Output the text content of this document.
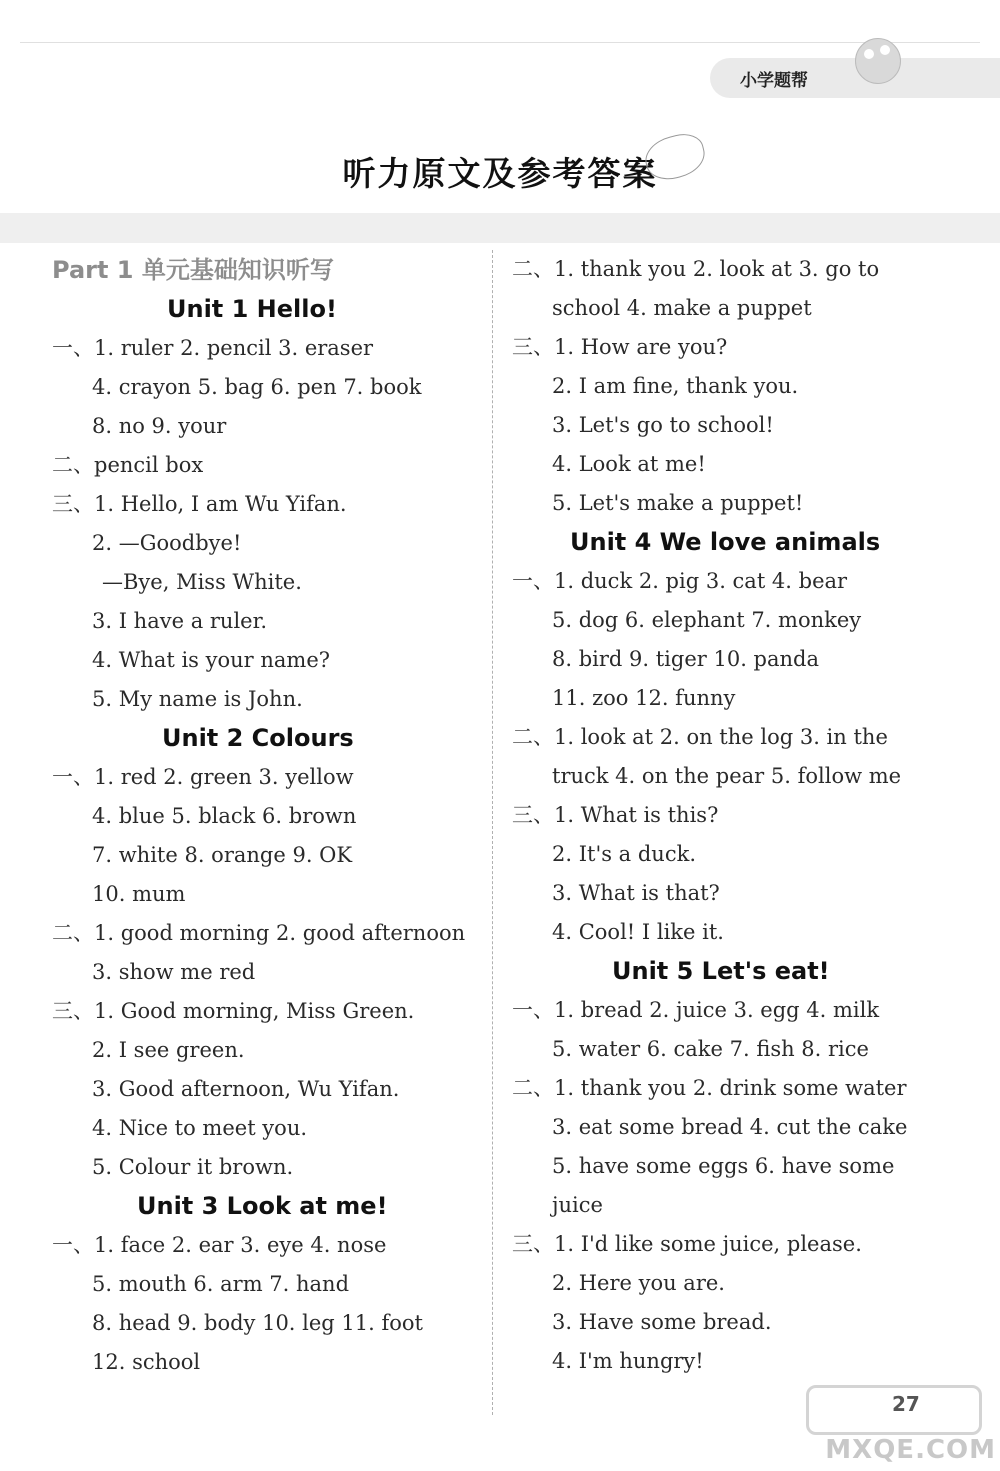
小学题帮
听力原文及参考答案
Part 1 单元基础知识听写
Unit 1 Hello!
一、1. ruler 2. pencil 3. eraser
4. crayon 5. bag 6. pen 7. book
8. no 9. your
二、pencil box
三、1. Hello, I am Wu Yifan.
2. —Goodbye!
—Bye, Miss White.
3. I have a ruler.
4. What is your name?
5. My name is John.
Unit 2 Colours
一、1. red 2. green 3. yellow
4. blue 5. black 6. brown
7. white 8. orange 9. OK
10. mum
二、1. good morning 2. good afternoon
3. show me red
三、1. Good morning, Miss Green.
2. I see green.
3. Good afternoon, Wu Yifan.
4. Nice to meet you.
5. Colour it brown.
Unit 3 Look at me!
一、1. face 2. ear 3. eye 4. nose
5. mouth 6. arm 7. hand
8. head 9. body 10. leg 11. foot
12. school
二、1. thank you 2. look at 3. go to
school 4. make a puppet
三、1. How are you?
2. I am fine, thank you.
3. Let's go to school!
4. Look at me!
5. Let's make a puppet!
Unit 4 We love animals
一、1. duck 2. pig 3. cat 4. bear
5. dog 6. elephant 7. monkey
8. bird 9. tiger 10. panda
11. zoo 12. funny
二、1. look at 2. on the log 3. in the
truck 4. on the pear 5. follow me
三、1. What is this?
2. It's a duck.
3. What is that?
4. Cool! I like it.
Unit 5 Let's eat!
一、1. bread 2. juice 3. egg 4. milk
5. water 6. cake 7. fish 8. rice
二、1. thank you 2. drink some water
3. eat some bread 4. cut the cake
5. have some eggs 6. have some
juice
三、1. I'd like some juice, please.
2. Here you are.
3. Have some bread.
4. I'm hungry!
27
MXQE.COM
